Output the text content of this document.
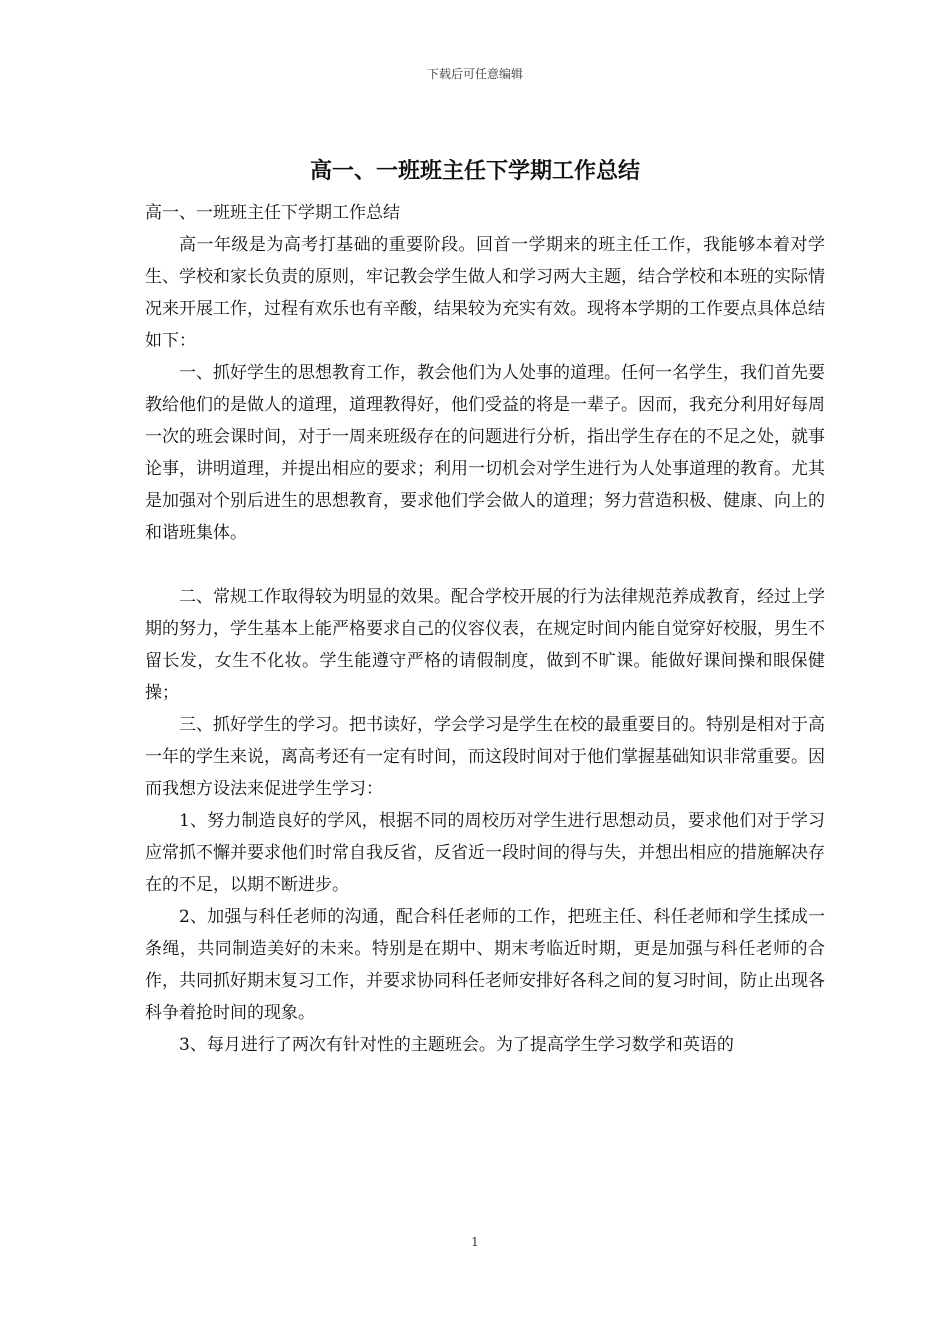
下载后可任意编辑
高一、一班班主任下学期工作总结

高一、一班班主任下学期工作总结

高一年级是为高考打基础的重要阶段。回首一学期来的班主任工作，我能够本着对学生、学校和家长负责的原则，牢记教会学生做人和学习两大主题，结合学校和本班的实际情况来开展工作，过程有欢乐也有辛酸，结果较为充实有效。现将本学期的工作要点具体总结如下：

一、抓好学生的思想教育工作，教会他们为人处事的道理。任何一名学生，我们首先要教给他们的是做人的道理，道理教得好，他们受益的将是一辈子。因而，我充分利用好每周一次的班会课时间，对于一周来班级存在的问题进行分析，指出学生存在的不足之处，就事论事，讲明道理，并提出相应的要求；利用一切机会对学生进行为人处事道理的教育。尤其是加强对个别后进生的思想教育，要求他们学会做人的道理；努力营造积极、健康、向上的和谐班集体。

二、常规工作取得较为明显的效果。配合学校开展的行为法律规范养成教育，经过上学期的努力，学生基本上能严格要求自己的仪容仪表，在规定时间内能自觉穿好校服，男生不留长发，女生不化妆。学生能遵守严格的请假制度，做到不旷课。能做好课间操和眼保健操；

三、抓好学生的学习。把书读好，学会学习是学生在校的最重要目的。特别是相对于高一年的学生来说，离高考还有一定有时间，而这段时间对于他们掌握基础知识非常重要。因而我想方设法来促进学生学习：

1、努力制造良好的学风，根据不同的周校历对学生进行思想动员，要求他们对于学习应常抓不懈并要求他们时常自我反省，反省近一段时间的得与失，并想出相应的措施解决存在的不足，以期不断进步。

2、加强与科任老师的沟通，配合科任老师的工作，把班主任、科任老师和学生揉成一条绳，共同制造美好的未来。特别是在期中、期末考临近时期，更是加强与科任老师的合作，共同抓好期末复习工作，并要求协同科任老师安排好各科之间的复习时间，防止出现各科争着抢时间的现象。

3、每月进行了两次有针对性的主题班会。为了提高学生学习数学和英语的

1
